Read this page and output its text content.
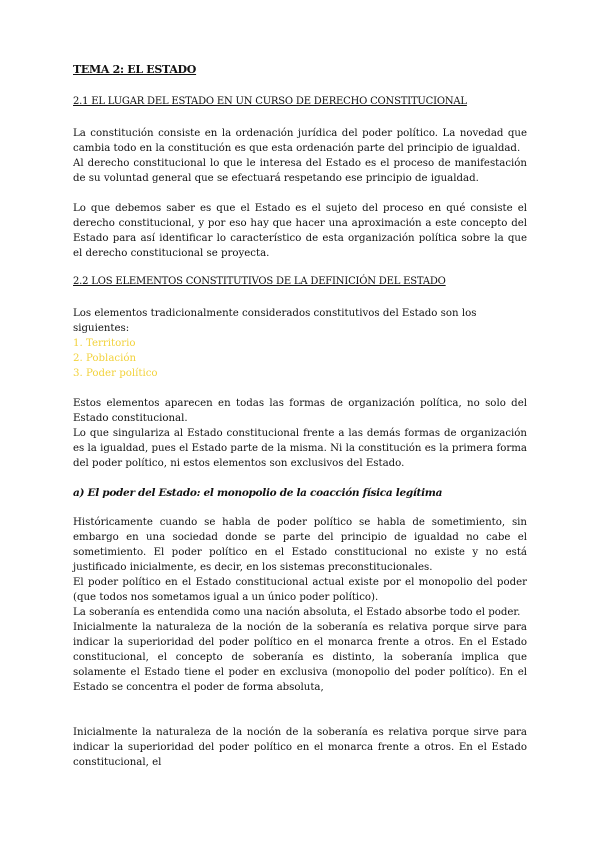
TEMA 2: EL ESTADO
2.1 EL LUGAR DEL ESTADO EN UN CURSO DE DERECHO CONSTITUCIONAL

La constitución consiste en la ordenación jurídica del poder político. La novedad que cambia todo en la constitución es que esta ordenación parte del principio de igualdad.

Al derecho constitucional lo que le interesa del Estado es el proceso de manifestación de su voluntad general que se efectuará respetando ese principio de igualdad.

Lo que debemos saber es que el Estado es el sujeto del proceso en qué consiste el derecho constitucional, y por eso hay que hacer una aproximación a este concepto del Estado para así identificar lo característico de esta organización política sobre la que el derecho constitucional se proyecta.

2.2 LOS ELEMENTOS CONSTITUTIVOS DE LA DEFINICIÓN DEL ESTADO

Los elementos tradicionalmente considerados constitutivos del Estado son los
siguientes:

1. Territorio

2. Población

3. Poder político

Estos elementos aparecen en todas las formas de organización política, no solo del Estado constitucional.

Lo que singulariza al Estado constitucional frente a las demás formas de organización es la igualdad, pues el Estado parte de la misma. Ni la constitución es la primera forma del poder político, ni estos elementos son exclusivos del Estado.

a) El poder del Estado: el monopolio de la coacción física legítima

Históricamente cuando se habla de poder político se habla de sometimiento, sin embargo en una sociedad donde se parte del principio de igualdad no cabe el sometimiento. El poder político en el Estado constitucional no existe y no está justificado inicialmente, es decir, en los sistemas preconstitucionales.

El poder político en el Estado constitucional actual existe por el monopolio del poder (que todos nos sometamos igual a un único poder político).

La soberanía es entendida como una nación absoluta, el Estado absorbe todo el poder.

Inicialmente la naturaleza de la noción de la soberanía es relativa porque sirve para indicar la superioridad del poder político en el monarca frente a otros. En el Estado constitucional, el concepto de soberanía es distinto, la soberanía implica que solamente el Estado tiene el poder en exclusiva (monopolio del poder político). En el Estado se concentra el poder de forma absoluta,

Inicialmente la naturaleza de la noción de la soberanía es relativa porque sirve para indicar la superioridad del poder político en el monarca frente a otros. En el Estado constitucional, el
